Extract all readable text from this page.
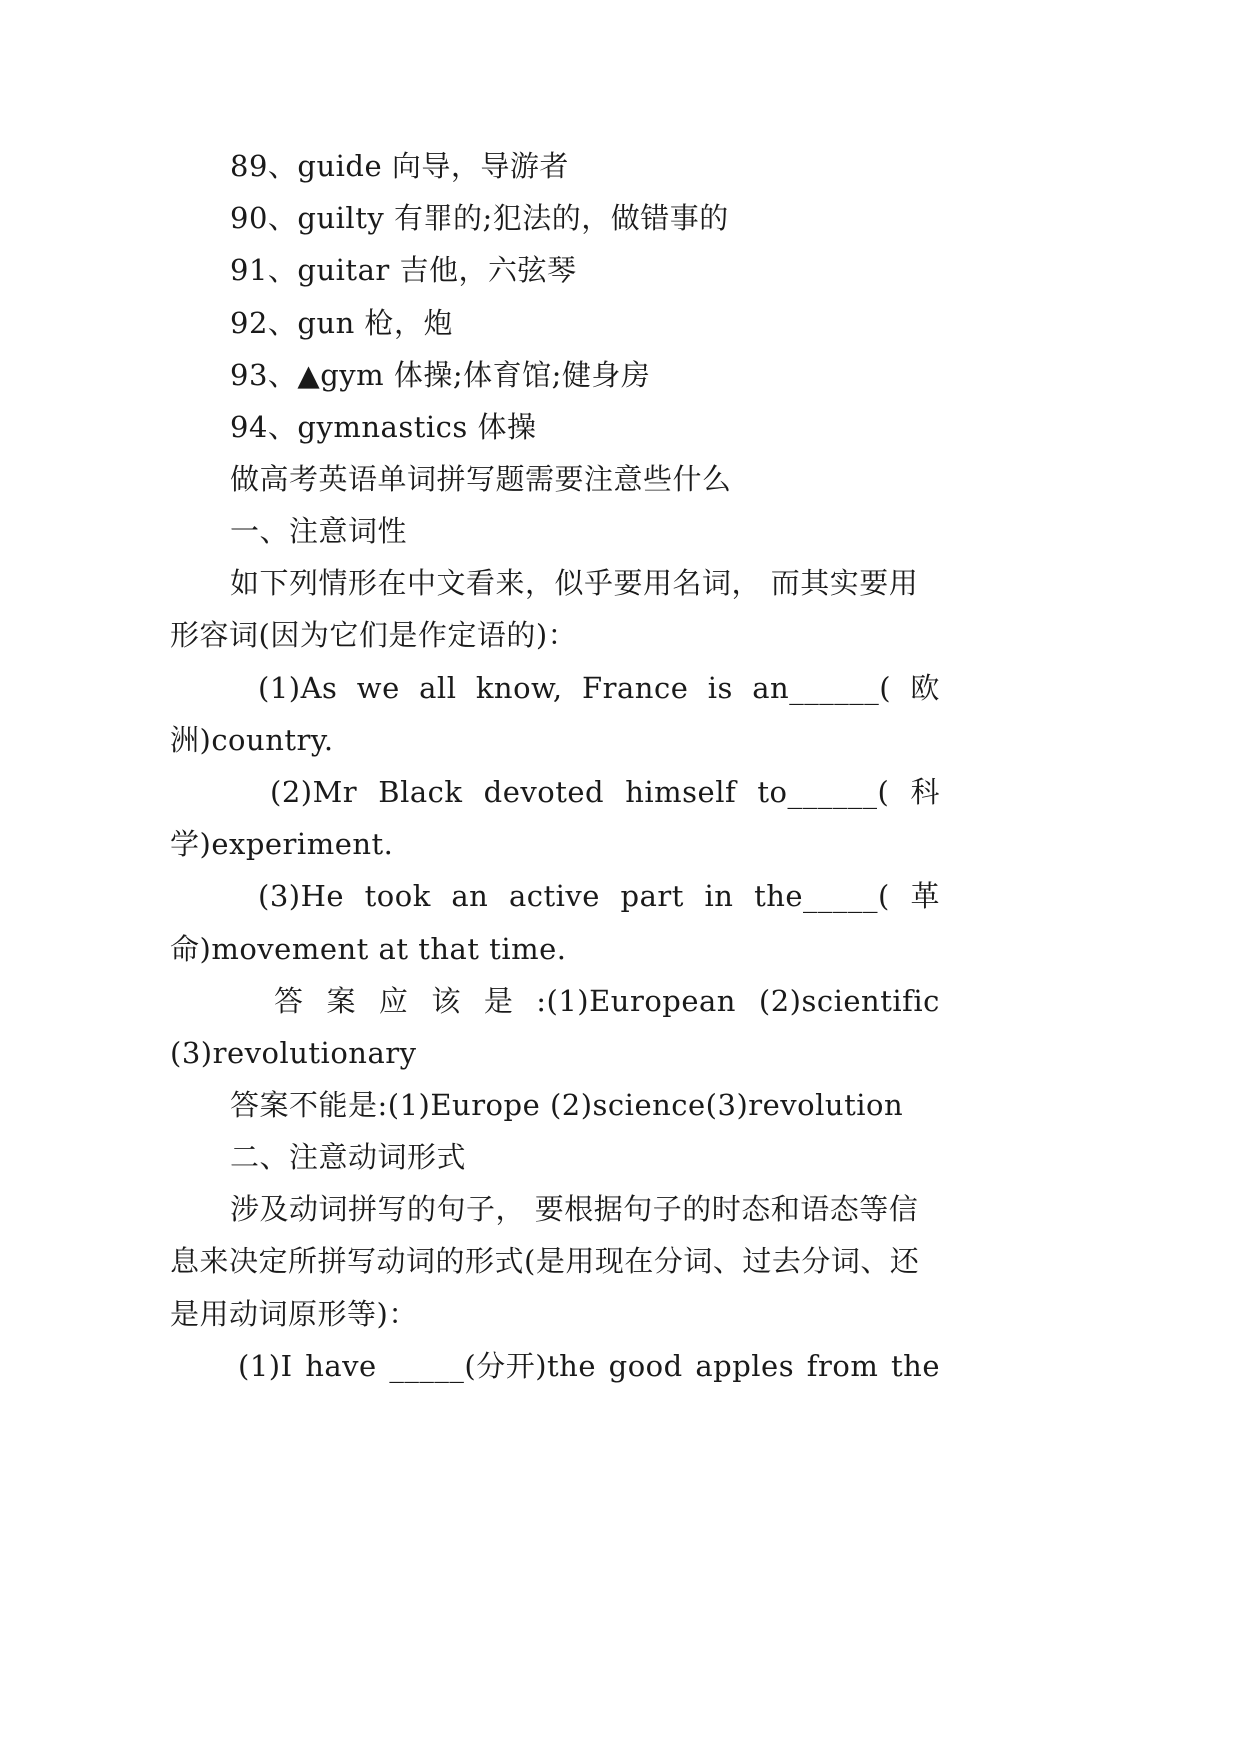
89、guide 向导，导游者
90、guilty 有罪的;犯法的，做错事的
91、guitar 吉他，六弦琴
92、gun 枪，炮
93、▲gym 体操;体育馆;健身房
94、gymnastics 体操
做高考英语单词拼写题需要注意些什么
一、注意词性
如下列情形在中文看来，似乎要用名词， 而其实要用
形容词(因为它们是作定语的)：
(1)As we all know, France is an______( 欧
洲)country.
(2)Mr Black devoted himself to______( 科
学)experiment.
(3)He took an active part in the_____( 革
命)movement at that time.
答 案 应 该 是 :(1)European (2)scientific
(3)revolutionary
答案不能是:(1)Europe (2)science(3)revolution
二、注意动词形式
涉及动词拼写的句子， 要根据句子的时态和语态等信
息来决定所拼写动词的形式(是用现在分词、过去分词、还
是用动词原形等)：
(1)I have _____(分开)the good apples from the
